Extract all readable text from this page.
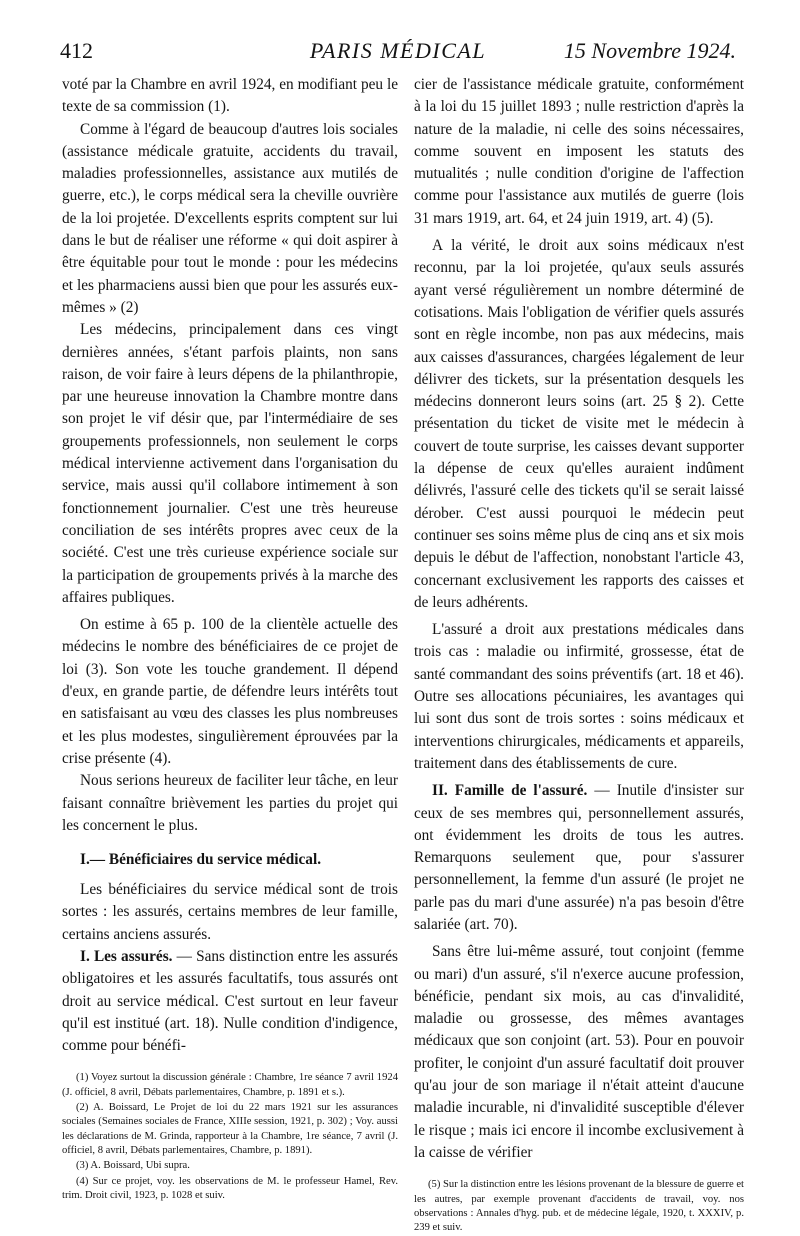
412	PARIS MÉDICAL	15 Novembre 1924.

voté par la Chambre en avril 1924, en modifiant peu le texte de sa commission (1).

Comme à l'égard de beaucoup d'autres lois sociales (assistance médicale gratuite, accidents du travail, maladies professionnelles, assistance aux mutilés de guerre, etc.), le corps médical sera la cheville ouvrière de la loi projetée. D'excellents esprits comptent sur lui dans le but de réaliser une réforme « qui doit aspirer à être équitable pour tout le monde : pour les médecins et les pharmaciens aussi bien que pour les assurés eux-mêmes » (2)

Les médecins, principalement dans ces vingt dernières années, s'étant parfois plaints, non sans raison, de voir faire à leurs dépens de la philanthropie, par une heureuse innovation la Chambre montre dans son projet le vif désir que, par l'intermédiaire de ses groupements professionnels, non seulement le corps médical intervienne activement dans l'organisation du service, mais aussi qu'il collabore intimement à son fonctionnement journalier. C'est une très heureuse conciliation de ses intérêts propres avec ceux de la société. C'est une très curieuse expérience sociale sur la participation de groupements privés à la marche des affaires publiques.

On estime à 65 p. 100 de la clientèle actuelle des médecins le nombre des bénéficiaires de ce projet de loi (3). Son vote les touche grandement. Il dépend d'eux, en grande partie, de défendre leurs intérêts tout en satisfaisant au vœu des classes les plus nombreuses et les plus modestes, singulièrement éprouvées par la crise présente (4).

Nous serions heureux de faciliter leur tâche, en leur faisant connaître brièvement les parties du projet qui les concernent le plus.

I.— Bénéficiaires du service médical.

Les bénéficiaires du service médical sont de trois sortes : les assurés, certains membres de leur famille, certains anciens assurés.

I. Les assurés. — Sans distinction entre les assurés obligatoires et les assurés facultatifs, tous assurés ont droit au service médical. C'est surtout en leur faveur qu'il est institué (art. 18). Nulle condition d'indigence, comme pour bénéfi-

(1) Voyez surtout la discussion générale : Chambre, 1re séance 7 avril 1924 (J. officiel, 8 avril, Débats parlementaires, Chambre, p. 1891 et s.).

(2) A. Boissard, Le Projet de loi du 22 mars 1921 sur les assurances sociales (Semaines sociales de France, XIIIe session, 1921, p. 302) ; Voy. aussi les déclarations de M. Grinda, rapporteur à la Chambre, 1re séance, 7 avril (J. officiel, 8 avril, Débats parlementaires, Chambre, p. 1891).

(3) A. Boissard, Ubi supra.

(4) Sur ce projet, voy. les observations de M. le professeur Hamel, Rev. trim. Droit civil, 1923, p. 1028 et suiv.

cier de l'assistance médicale gratuite, conformément à la loi du 15 juillet 1893 ; nulle restriction d'après la nature de la maladie, ni celle des soins nécessaires, comme souvent en imposent les statuts des mutualités ; nulle condition d'origine de l'affection comme pour l'assistance aux mutilés de guerre (lois 31 mars 1919, art. 64, et 24 juin 1919, art. 4) (5).

A la vérité, le droit aux soins médicaux n'est reconnu, par la loi projetée, qu'aux seuls assurés ayant versé régulièrement un nombre déterminé de cotisations. Mais l'obligation de vérifier quels assurés sont en règle incombe, non pas aux médecins, mais aux caisses d'assurances, chargées légalement de leur délivrer des tickets, sur la présentation desquels les médecins donneront leurs soins (art. 25 § 2). Cette présentation du ticket de visite met le médecin à couvert de toute surprise, les caisses devant supporter la dépense de ceux qu'elles auraient indûment délivrés, l'assuré celle des tickets qu'il se serait laissé dérober. C'est aussi pourquoi le médecin peut continuer ses soins même plus de cinq ans et six mois depuis le début de l'affection, nonobstant l'article 43, concernant exclusivement les rapports des caisses et de leurs adhérents.

L'assuré a droit aux prestations médicales dans trois cas : maladie ou infirmité, grossesse, état de santé commandant des soins préventifs (art. 18 et 46). Outre ses allocations pécuniaires, les avantages qui lui sont dus sont de trois sortes : soins médicaux et interventions chirurgicales, médicaments et appareils, traitement dans des établissements de cure.

II. Famille de l'assuré. — Inutile d'insister sur ceux de ses membres qui, personnellement assurés, ont évidemment les droits de tous les autres. Remarquons seulement que, pour s'assurer personnellement, la femme d'un assuré (le projet ne parle pas du mari d'une assurée) n'a pas besoin d'être salariée (art. 70).

Sans être lui-même assuré, tout conjoint (femme ou mari) d'un assuré, s'il n'exerce aucune profession, bénéficie, pendant six mois, au cas d'invalidité, maladie ou grossesse, des mêmes avantages médicaux que son conjoint (art. 53). Pour en pouvoir profiter, le conjoint d'un assuré facultatif doit prouver qu'au jour de son mariage il n'était atteint d'aucune maladie incurable, ni d'invalidité susceptible d'élever le risque ; mais ici encore il incombe exclusivement à la caisse de vérifier

(5) Sur la distinction entre les lésions provenant de la blessure de guerre et les autres, par exemple provenant d'accidents de travail, voy. nos observations : Annales d'hyg. pub. et de médecine légale, 1920, t. XXXIV, p. 239 et suiv.
